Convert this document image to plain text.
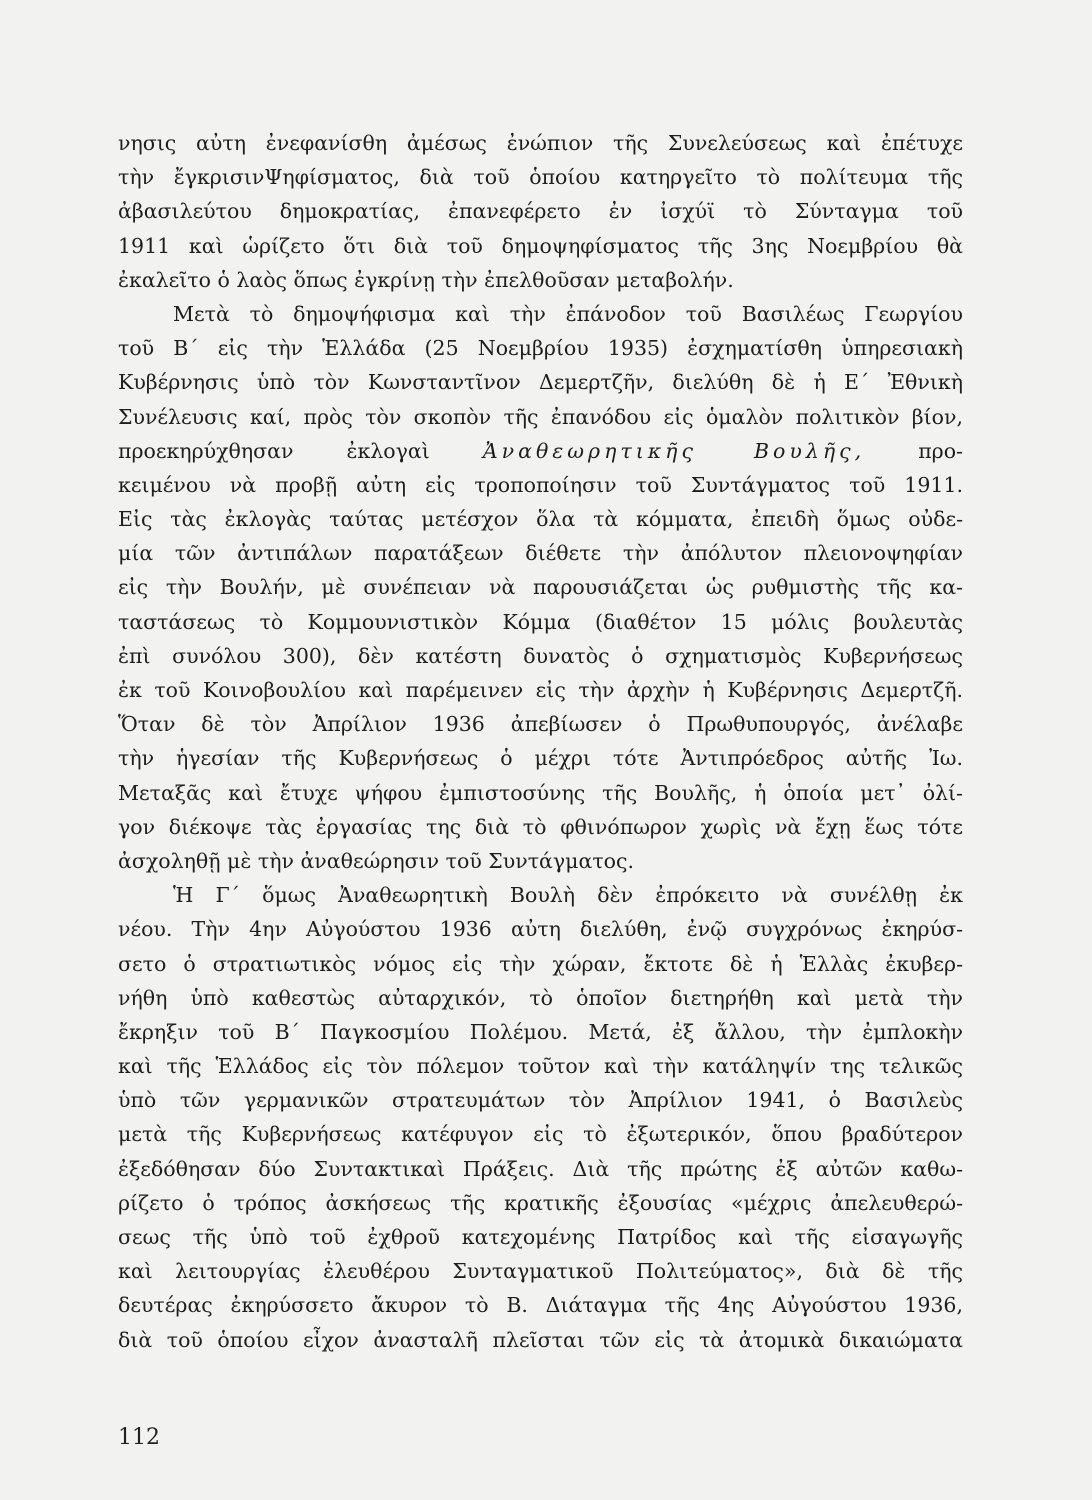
νησις αὐτη ἐνεφανίσθη ἀμέσως ἐνώπιον τῆς Συνελεύσεως καὶ ἐπέτυχε
τὴν ἔγκρισινΨηφίσματος, διὰ τοῦ ὁποίου κατηργεῖτο τὸ πολίτευμα τῆς
ἀβασιλεύτου δημοκρατίας, ἐπανεφέρετο ἐν ἰσχύϊ τὸ Σύνταγμα τοῦ
1911 καὶ ὡρίζετο ὅτι διὰ τοῦ δημοψηφίσματος τῆς 3ης Νοεμβρίου θὰ
ἐκαλεῖτο ὁ λαὸς ὅπως ἐγκρίνῃ τὴν ἐπελθοῦσαν μεταβολήν.
Μετὰ τὸ δημοψήφισμα καὶ τὴν ἐπάνοδον τοῦ Βασιλέως Γεωργίου
τοῦ Β΄ εἰς τὴν Ἑλλάδα (25 Νοεμβρίου 1935) ἐσχηματίσθη ὑπηρεσιακὴ
Κυβέρνησις ὑπὸ τὸν Κωνσταντῖνον Δεμερτζῆν, διελύθη δὲ ἡ Ε΄ Ἐθνικὴ
Συνέλευσις καί, πρὸς τὸν σκοπὸν τῆς ἐπανόδου εἰς ὁμαλὸν πολιτικὸν βίον,
προεκηρύχθησαν ἐκλογαὶ	Ἀναθεωρητικῆς Βουλῆς,	προ-
κειμένου νὰ προβῇ αὐτη εἰς τροποποίησιν τοῦ Συντάγματος τοῦ 1911.
Εἰς τὰς ἐκλογὰς ταύτας μετέσχον ὅλα τὰ κόμματα, ἐπειδὴ ὅμως οὐδε-
μία τῶν ἀντιπάλων παρατάξεων διέθετε τὴν ἀπόλυτον πλειονοψηφίαν
εἰς τὴν Βουλήν, μὲ συνέπειαν νὰ παρουσιάζεται ὡς ρυθμιστὴς τῆς κα-
ταστάσεως τὸ Κομμουνιστικὸν Κόμμα (διαθέτον 15 μόλις βουλευτὰς
ἐπὶ συνόλου 300), δὲν κατέστη δυνατὸς ὁ σχηματισμὸς Κυβερνήσεως
ἐκ τοῦ Κοινοβουλίου καὶ παρέμεινεν εἰς τὴν ἀρχὴν ἡ Κυβέρνησις Δεμερτζῆ.
Ὅταν δὲ τὸν Ἀπρίλιον 1936 ἀπεβίωσεν ὁ Πρωθυπουργός, ἀνέλαβε
τὴν ἡγεσίαν τῆς Κυβερνήσεως ὁ μέχρι τότε Ἀντιπρόεδρος αὐτῆς Ἰω.
Μεταξᾶς καὶ ἔτυχε ψήφου ἐμπιστοσύνης τῆς Βουλῆς, ἡ ὁποία μετ᾽ ὀλί-
γον διέκοψε τὰς ἐργασίας της διὰ τὸ φθινόπωρον χωρὶς νὰ ἔχῃ ἕως τότε
ἀσχοληθῇ μὲ τὴν ἀναθεώρησιν τοῦ Συντάγματος.
Ἡ Γ΄ ὅμως Ἀναθεωρητικὴ Βουλὴ δὲν ἐπρόκειτο νὰ συνέλθῃ ἐκ
νέου. Τὴν 4ην Αὐγούστου 1936 αὐτη διελύθη, ἐνῷ συγχρόνως ἐκηρύσ-
σετο ὁ στρατιωτικὸς νόμος εἰς τὴν χώραν, ἔκτοτε δὲ ἡ Ἑλλὰς ἐκυβερ-
νήθη ὑπὸ καθεστὼς αὐταρχικόν, τὸ ὁποῖον διετηρήθη καὶ μετὰ τὴν
ἔκρηξιν τοῦ Β΄ Παγκοσμίου Πολέμου. Μετά, ἐξ ἄλλου, τὴν ἐμπλοκὴν
καὶ τῆς Ἑλλάδος εἰς τὸν πόλεμον τοῦτον καὶ τὴν κατάληψίν της τελικῶς
ὑπὸ τῶν γερμανικῶν στρατευμάτων τὸν Ἀπρίλιον 1941, ὁ Βασιλεὺς
μετὰ τῆς Κυβερνήσεως κατέφυγον εἰς τὸ ἐξωτερικόν, ὅπου βραδύτερον
ἐξεδόθησαν δύο Συντακτικαὶ Πράξεις. Διὰ τῆς πρώτης ἐξ αὐτῶν καθω-
ρίζετο ὁ τρόπος ἀσκήσεως τῆς κρατικῆς ἐξουσίας «μέχρις ἀπελευθερώ-
σεως τῆς ὑπὸ τοῦ ἐχθροῦ κατεχομένης Πατρίδος καὶ τῆς εἰσαγωγῆς
καὶ λειτουργίας ἐλευθέρου Συνταγματικοῦ Πολιτεύματος», διὰ δὲ τῆς
δευτέρας ἐκηρύσσετο ἄκυρον τὸ Β. Διάταγμα τῆς 4ης Αὐγούστου 1936,
διὰ τοῦ ὁποίου εἶχον ἀνασταλῆ πλεῖσται τῶν εἰς τὰ ἀτομικὰ δικαιώματα
112
